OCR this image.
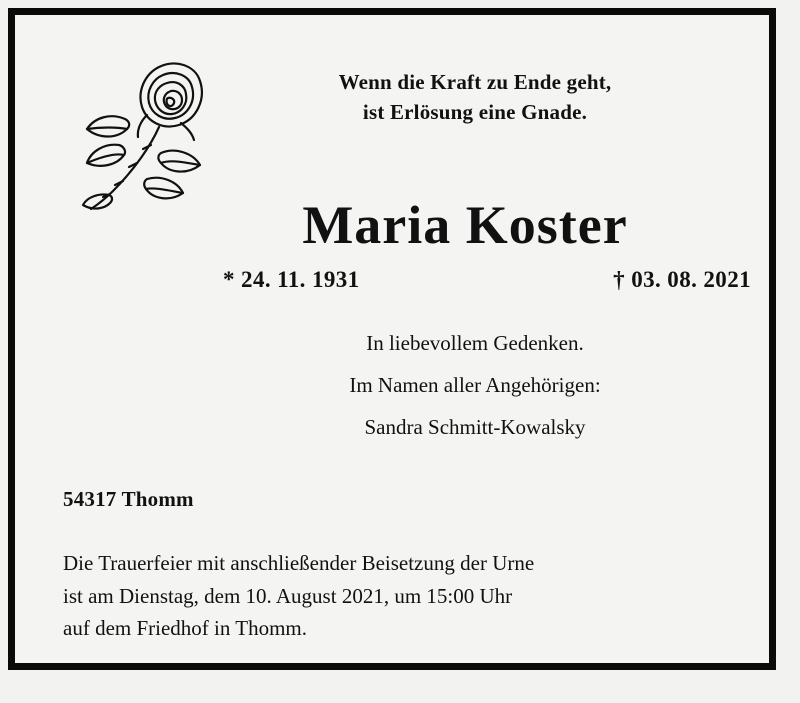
Wenn die Kraft zu Ende geht,
ist Erlösung eine Gnade.
Maria Koster
* 24. 11. 1931	† 03. 08. 2021
In liebevollem Gedenken.
Im Namen aller Angehörigen:
Sandra Schmitt-Kowalsky
54317 Thomm
Die Trauerfeier mit anschließender Beisetzung der Urne
ist am Dienstag, dem 10. August 2021, um 15:00 Uhr
auf dem Friedhof in Thomm.
